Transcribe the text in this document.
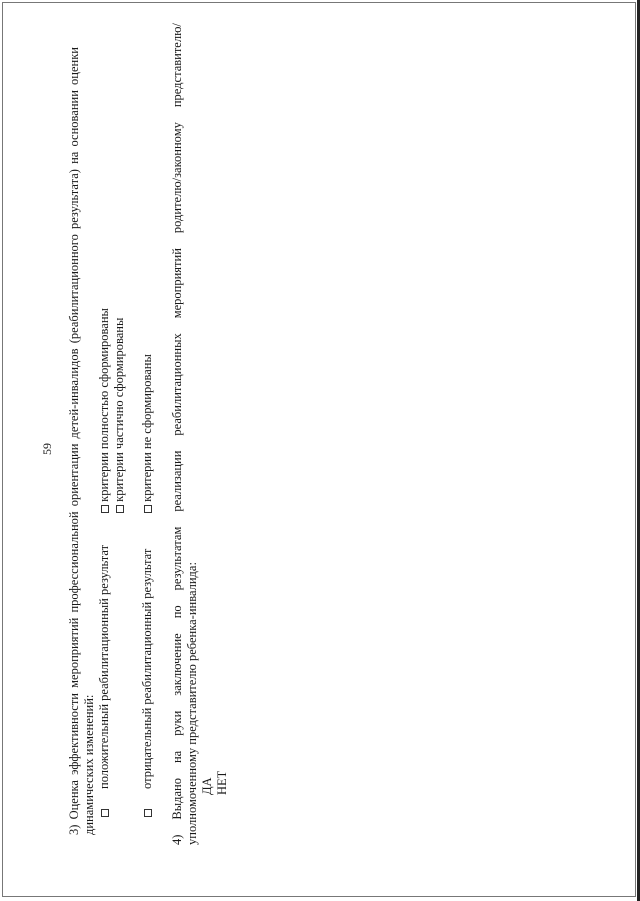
59 3) Оценка эффективности мероприятий профессиональной ориентации детей-инвалидов (реабилитационного результата) на основании оценки динамических изменений: положительный реабилитационный результат
критерии полностью сформированы критерии частично сформированы
отрицательный реабилитационный результат
критерии не сформированы
4)
Выдано
на
руки
заключение
по
результатам
реализации
реабилитационных
мероприятий
родителю/законному
представителю/
уполномоченному представителю ребенка-инвалида: ДА НЕТ
